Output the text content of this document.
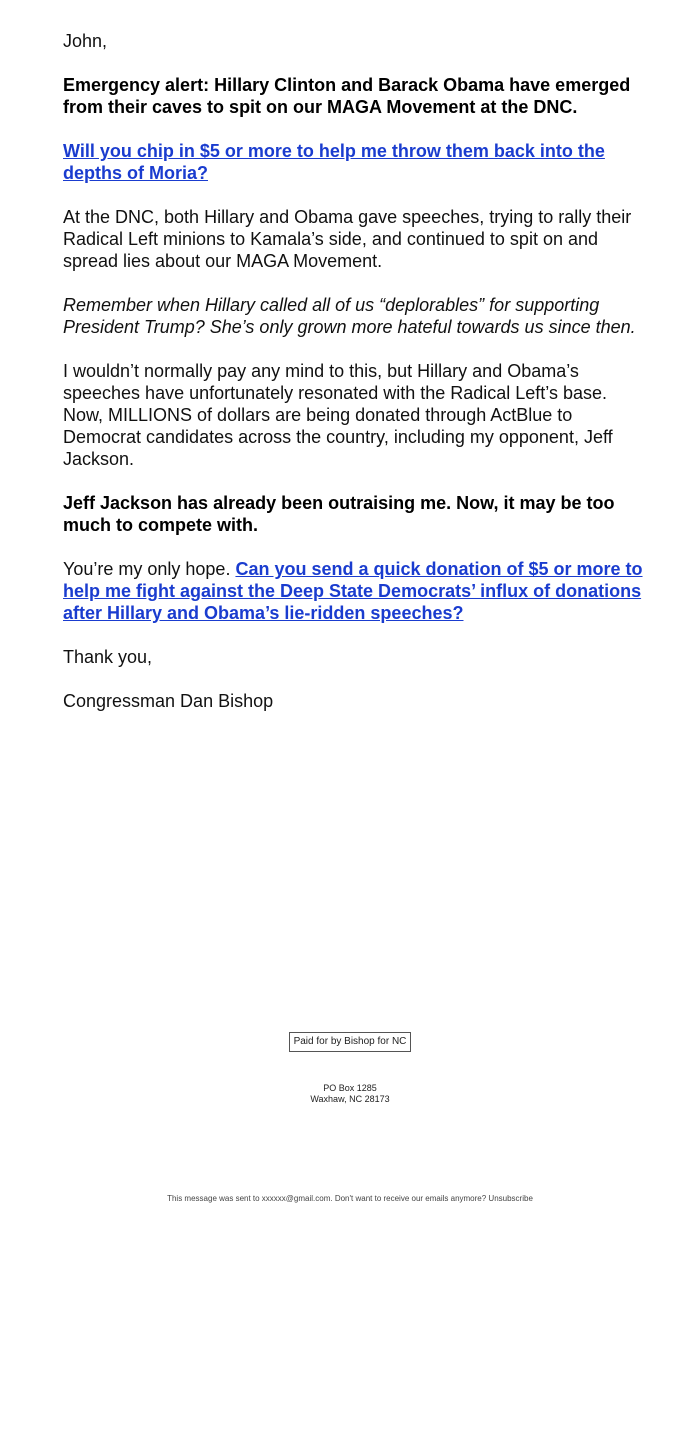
John,

Emergency alert: Hillary Clinton and Barack Obama have emerged from their caves to spit on our MAGA Movement at the DNC.

Will you chip in $5 or more to help me throw them back into the depths of Moria?

At the DNC, both Hillary and Obama gave speeches, trying to rally their Radical Left minions to Kamala’s side, and continued to spit on and spread lies about our MAGA Movement.

Remember when Hillary called all of us “deplorables” for supporting President Trump? She’s only grown more hateful towards us since then.

I wouldn’t normally pay any mind to this, but Hillary and Obama’s speeches have unfortunately resonated with the Radical Left’s base. Now, MILLIONS of dollars are being donated through ActBlue to Democrat candidates across the country, including my opponent, Jeff Jackson.

Jeff Jackson has already been outraising me. Now, it may be too much to compete with.

You’re my only hope. Can you send a quick donation of $5 or more to help me fight against the Deep State Democrats’ influx of donations after Hillary and Obama’s lie-ridden speeches?

Thank you,

Congressman Dan Bishop

Paid for by Bishop for NC
PO Box 1285
Waxhaw, NC 28173
This message was sent to xxxxxx@gmail.com. Don't want to receive our emails anymore? Unsubscribe
